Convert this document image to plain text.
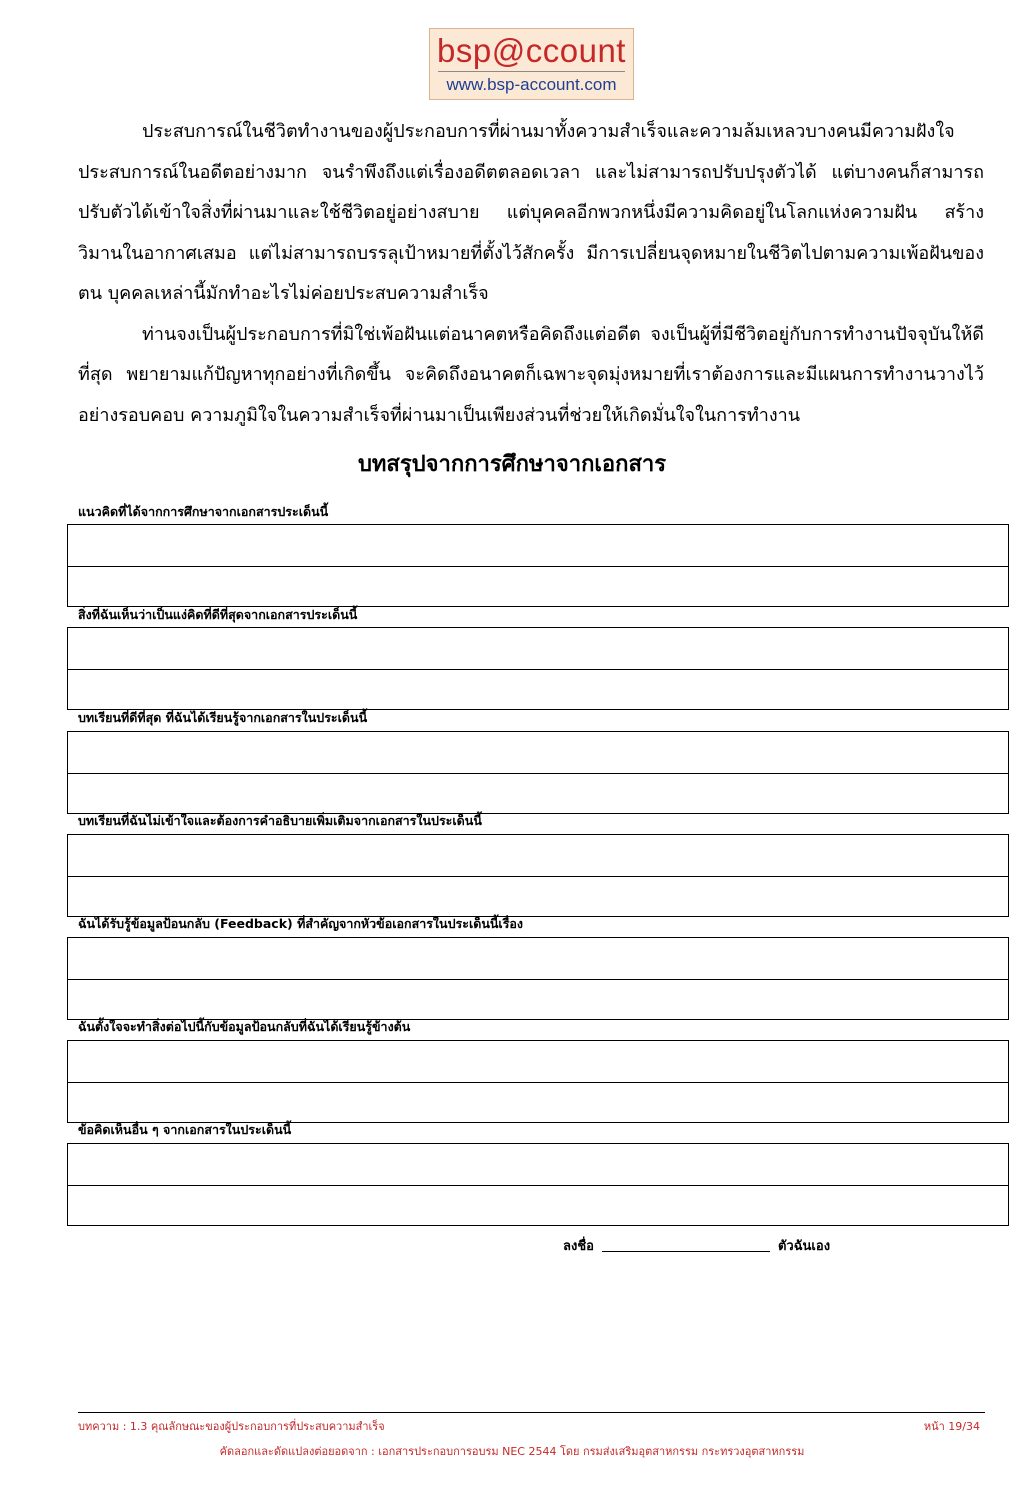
bsp@ccount
www.bsp-account.com

ประสบการณ์ในชีวิตทำงานของผู้ประกอบการที่ผ่านมาทั้งความสำเร็จและความล้มเหลวบางคนมีความฝังใจประสบการณ์ในอดีตอย่างมาก จนรำพึงถึงแต่เรื่องอดีตตลอดเวลา และไม่สามารถปรับปรุงตัวได้ แต่บางคนก็สามารถปรับตัวได้เข้าใจสิ่งที่ผ่านมาและใช้ชีวิตอยู่อย่างสบาย แต่บุคคลอีกพวกหนึ่งมีความคิดอยู่ในโลกแห่งความฝัน สร้างวิมานในอากาศเสมอ แต่ไม่สามารถบรรลุเป้าหมายที่ตั้งไว้สักครั้ง มีการเปลี่ยนจุดหมายในชีวิตไปตามความเพ้อฝันของตน บุคคลเหล่านี้มักทำอะไรไม่ค่อยประสบความสำเร็จ

ท่านจงเป็นผู้ประกอบการที่มิใช่เพ้อฝันแต่อนาคตหรือคิดถึงแต่อดีต จงเป็นผู้ที่มีชีวิตอยู่กับการทำงานปัจจุบันให้ดีที่สุด พยายามแก้ปัญหาทุกอย่างที่เกิดขึ้น จะคิดถึงอนาคตก็เฉพาะจุดมุ่งหมายที่เราต้องการและมีแผนการทำงานวางไว้อย่างรอบคอบ ความภูมิใจในความสำเร็จที่ผ่านมาเป็นเพียงส่วนที่ช่วยให้เกิดมั่นใจในการทำงาน

บทสรุปจากการศึกษาจากเอกสาร
แนวคิดที่ได้จากการศึกษาจากเอกสารประเด็นนี้
สิ่งที่ฉันเห็นว่าเป็นแง่คิดที่ดีที่สุดจากเอกสารประเด็นนี้
บทเรียนที่ดีที่สุด ที่ฉันได้เรียนรู้จากเอกสารในประเด็นนี้
บทเรียนที่ฉันไม่เข้าใจและต้องการคำอธิบายเพิ่มเติมจากเอกสารในประเด็นนี้
ฉันได้รับรู้ข้อมูลป้อนกลับ (Feedback) ที่สำคัญจากหัวข้อเอกสารในประเด็นนี้เรื่อง
ฉันตั้งใจจะทำสิ่งต่อไปนี้กับข้อมูลป้อนกลับที่ฉันได้เรียนรู้ข้างต้น
ข้อคิดเห็นอื่น ๆ จากเอกสารในประเด็นนี้
ลงชื่อ	ตัวฉันเอง
บทความ : 1.3 คุณลักษณะของผู้ประกอบการที่ประสบความสำเร็จ	หน้า 19/34
คัดลอกและดัดแปลงต่อยอดจาก : เอกสารประกอบการอบรม NEC 2544 โดย กรมส่งเสริมอุตสาหกรรม กระทรวงอุตสาหกรรม
